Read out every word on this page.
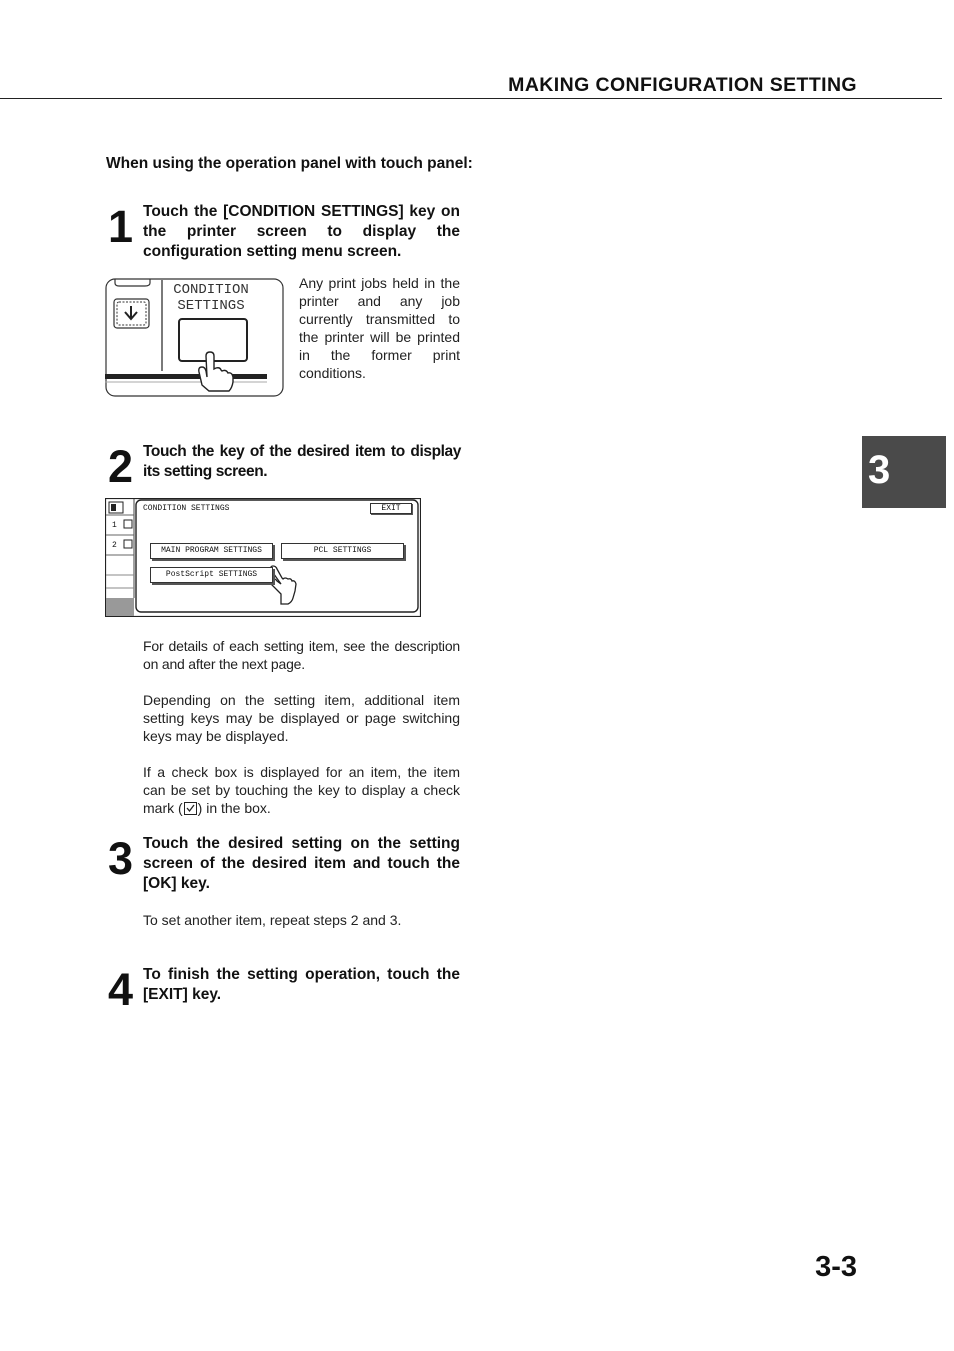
MAKING CONFIGURATION SETTING
When using the operation panel with touch panel:
1 Touch the [CONDITION SETTINGS] key on the printer screen to display the configuration setting menu screen.
CONDITION
SETTINGS
Any print jobs held in the printer and any job currently transmitted to the printer will be printed in the former print conditions.
2 Touch the key of the desired item to display its setting screen.
CONDITION SETTINGS	EXIT
1
2
MAIN PROGRAM SETTINGS	PCL SETTINGS
PostScript SETTINGS
For details of each setting item, see the description on and after the next page.
Depending on the setting item, additional item setting keys may be displayed or page switching keys may be displayed.
If a check box is displayed for an item, the item can be set by touching the key to display a check mark ( ) in the box.
3 Touch the desired setting on the setting screen of the desired item and touch the [OK] key.
To set another item, repeat steps 2 and 3.
4 To finish the setting operation, touch the [EXIT] key.
3
3-3
